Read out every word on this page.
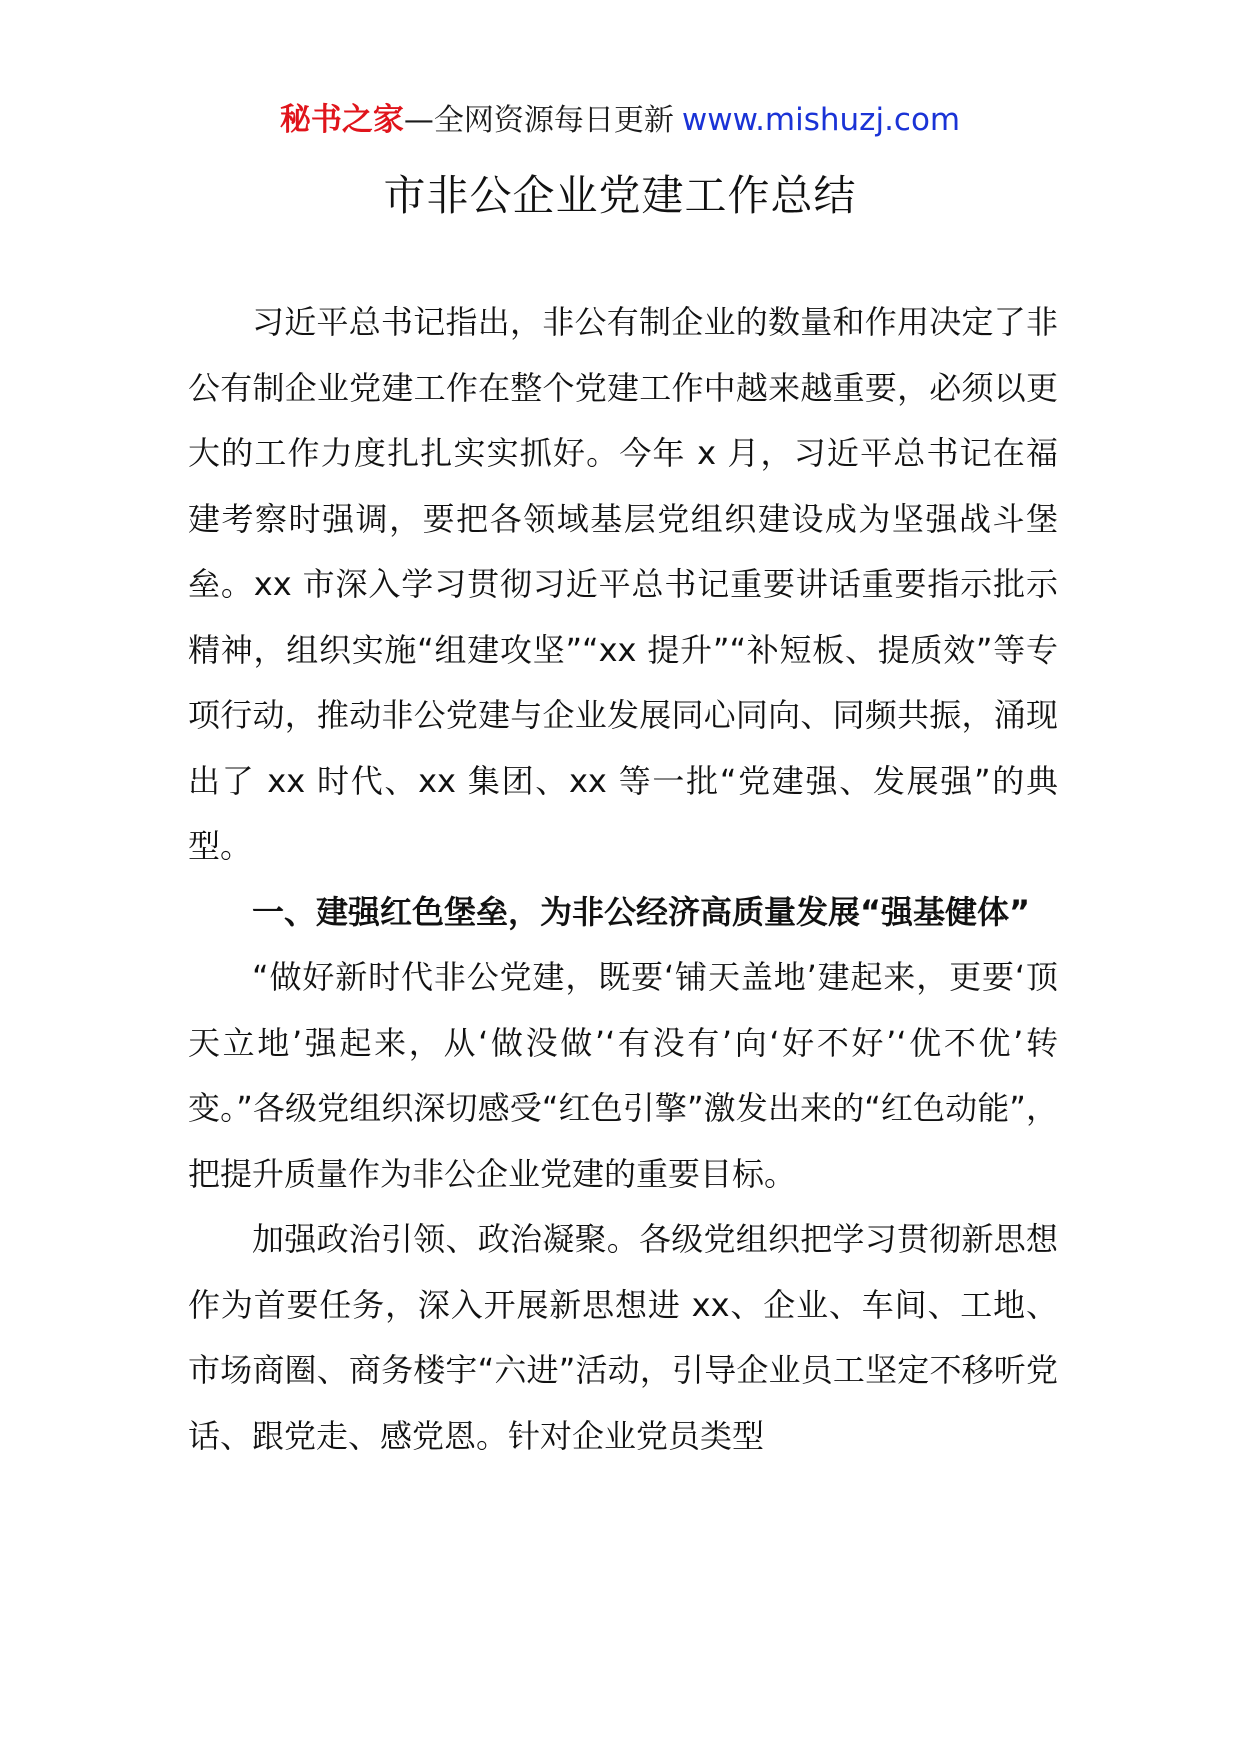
秘书之家—全网资源每日更新 www.mishuzj.com
市非公企业党建工作总结

习近平总书记指出，非公有制企业的数量和作用决定了非公有制企业党建工作在整个党建工作中越来越重要，必须以更大的工作力度扎扎实实抓好。今年 x 月，习近平总书记在福建考察时强调，要把各领域基层党组织建设成为坚强战斗堡垒。xx 市深入学习贯彻习近平总书记重要讲话重要指示批示精神，组织实施“组建攻坚”“xx 提升”“补短板、提质效”等专项行动，推动非公党建与企业发展同心同向、同频共振，涌现出了 xx 时代、xx 集团、xx 等一批“党建强、发展强”的典型。

一、建强红色堡垒，为非公经济高质量发展“强基健体”

“做好新时代非公党建，既要‘铺天盖地’建起来，更要‘顶天立地’强起来，从‘做没做’‘有没有’向‘好不好’‘优不优’转变。”各级党组织深切感受“红色引擎”激发出来的“红色动能”，把提升质量作为非公企业党建的重要目标。

加强政治引领、政治凝聚。各级党组织把学习贯彻新思想作为首要任务，深入开展新思想进 xx、企业、车间、工地、市场商圈、商务楼宇“六进”活动，引导企业员工坚定不移听党话、跟党走、感党恩。针对企业党员类型
